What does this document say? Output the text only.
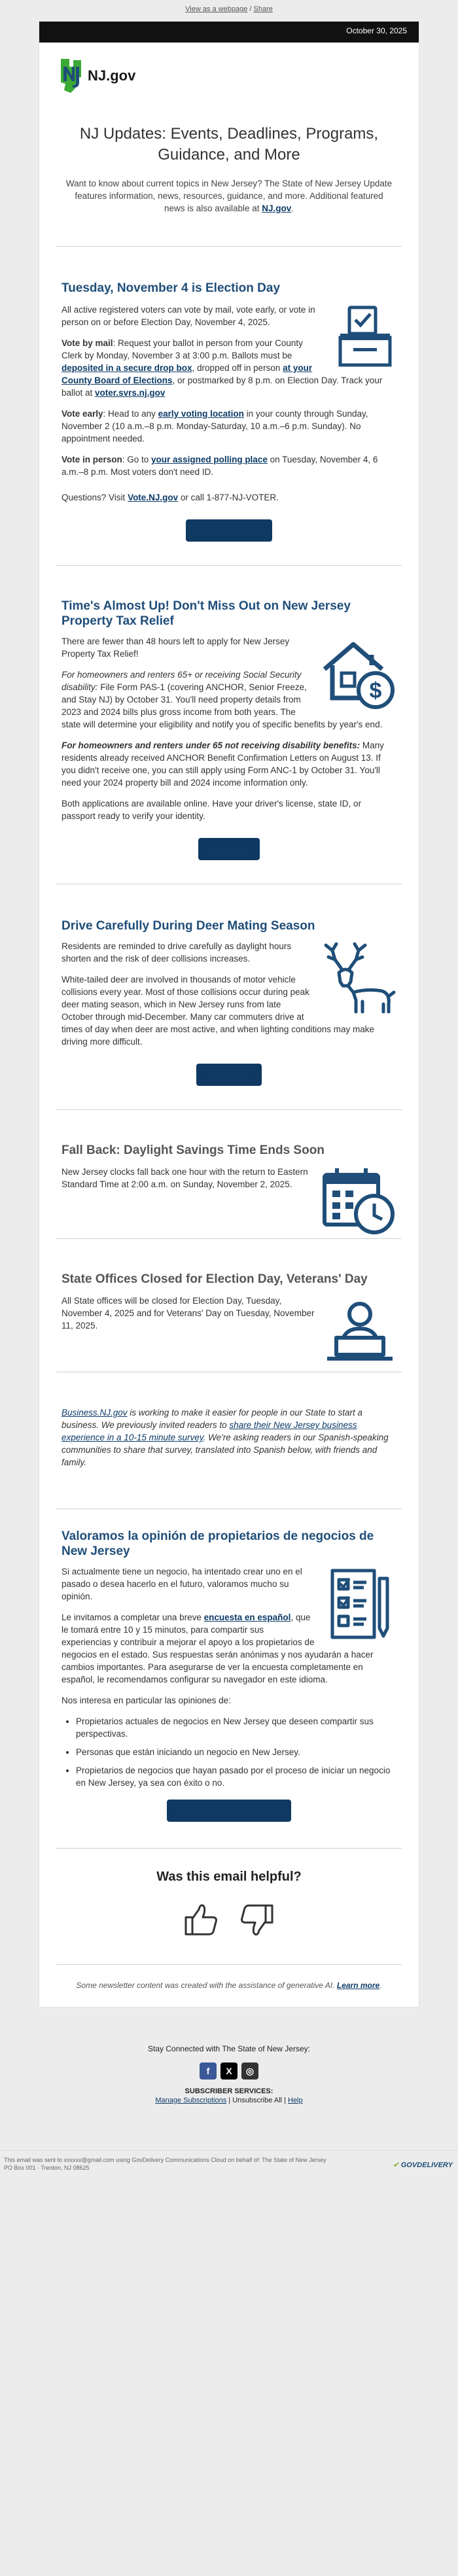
View as a webpage / Share
October 30, 2025
NJ.gov
NJ Updates: Events, Deadlines, Programs, Guidance, and More

Want to know about current topics in New Jersey? The State of New Jersey Update features information, news, resources, guidance, and more. Additional featured news is also available at NJ.gov.

Tuesday, November 4 is Election Day

All active registered voters can vote by mail, vote early, or vote in person on or before Election Day, November 4, 2025.

Vote by mail: Request your ballot in person from your County Clerk by Monday, November 3 at 3:00 p.m. Ballots must be deposited in a secure drop box, dropped off in person at your County Board of Elections, or postmarked by 8 p.m. on Election Day. Track your ballot at voter.svrs.nj.gov

Vote early: Head to any early voting location in your county through Sunday, November 2 (10 a.m.–8 p.m. Monday-Saturday, 10 a.m.–6 p.m. Sunday). No appointment needed.

Vote in person: Go to your assigned polling place on Tuesday, November 4, 6 a.m.–8 p.m. Most voters don't need ID.

Questions? Visit Vote.NJ.gov or call 1-877-NJ-VOTER.

Visit Vote.NJ.Gov
Time's Almost Up! Don't Miss Out on New Jersey Property Tax Relief
$

There are fewer than 48 hours left to apply for New Jersey Property Tax Relief!

For homeowners and renters 65+ or receiving Social Security disability: File Form PAS-1 (covering ANCHOR, Senior Freeze, and Stay NJ) by October 31. You'll need property details from 2023 and 2024 bills plus gross income from both years. The state will determine your eligibility and notify you of specific benefits by year's end.

For homeowners and renters under 65 not receiving disability benefits: Many residents already received ANCHOR Benefit Confirmation Letters on August 13. If you didn't receive one, you can still apply using Form ANC-1 by October 31. You'll need your 2024 property bill and 2024 income information only.

Both applications are available online. Have your driver's license, state ID, or passport ready to verify your identity.

Apply Now
Drive Carefully During Deer Mating Season

Residents are reminded to drive carefully as daylight hours shorten and the risk of deer collisions increases.

White-tailed deer are involved in thousands of motor vehicle collisions every year. Most of those collisions occur during peak deer mating season, which in New Jersey runs from late October through mid-December. Many car commuters drive at times of day when deer are most active, and when lighting conditions may make driving more difficult.

Learn More
Fall Back: Daylight Savings Time Ends Soon

New Jersey clocks fall back one hour with the return to Eastern Standard Time at 2:00 a.m. on Sunday, November 2, 2025.

State Offices Closed for Election Day, Veterans' Day

All State offices will be closed for Election Day, Tuesday, November 4, 2025 and for Veterans' Day on Tuesday, November 11, 2025.

Business.NJ.gov is working to make it easier for people in our State to start a business. We previously invited readers to share their New Jersey business experience in a 10-15 minute survey. We're asking readers in our Spanish-speaking communities to share that survey, translated into Spanish below, with friends and family.

Valoramos la opinión de propietarios de negocios de New Jersey

Si actualmente tiene un negocio, ha intentado crear uno en el pasado o desea hacerlo en el futuro, valoramos mucho su opinión.

Le invitamos a completar una breve encuesta en español, que le tomará entre 10 y 15 minutos, para compartir sus experiencias y contribuir a mejorar el apoyo a los propietarios de negocios en el estado. Sus respuestas serán anónimas y nos ayudarán a hacer cambios importantes. Para asegurarse de ver la encuesta completamente en español, le recomendamos configurar su navegador en este idioma.

Nos interesa en particular las opiniones de:

• Propietarios actuales de negocios en New Jersey que deseen compartir sus perspectivas.
• Personas que están iniciando un negocio en New Jersey.
• Propietarios de negocios que hayan pasado por el proceso de iniciar un negocio en New Jersey, ya sea con éxito o no.
Participe en nuestra encuesta
Was this email helpful?

Some newsletter content was created with the assistance of generative AI. Learn more.

Stay Connected with The State of New Jersey:
f	X	◎
SUBSCRIBER SERVICES:
Manage Subscriptions | Unsubscribe All | Help
This email was sent to xxxxxx@gmail.com using GovDelivery Communications Cloud on behalf of: The State of New Jersey
PO Box 001 · Trenton, NJ 08625	✔ GOVDELIVERY
